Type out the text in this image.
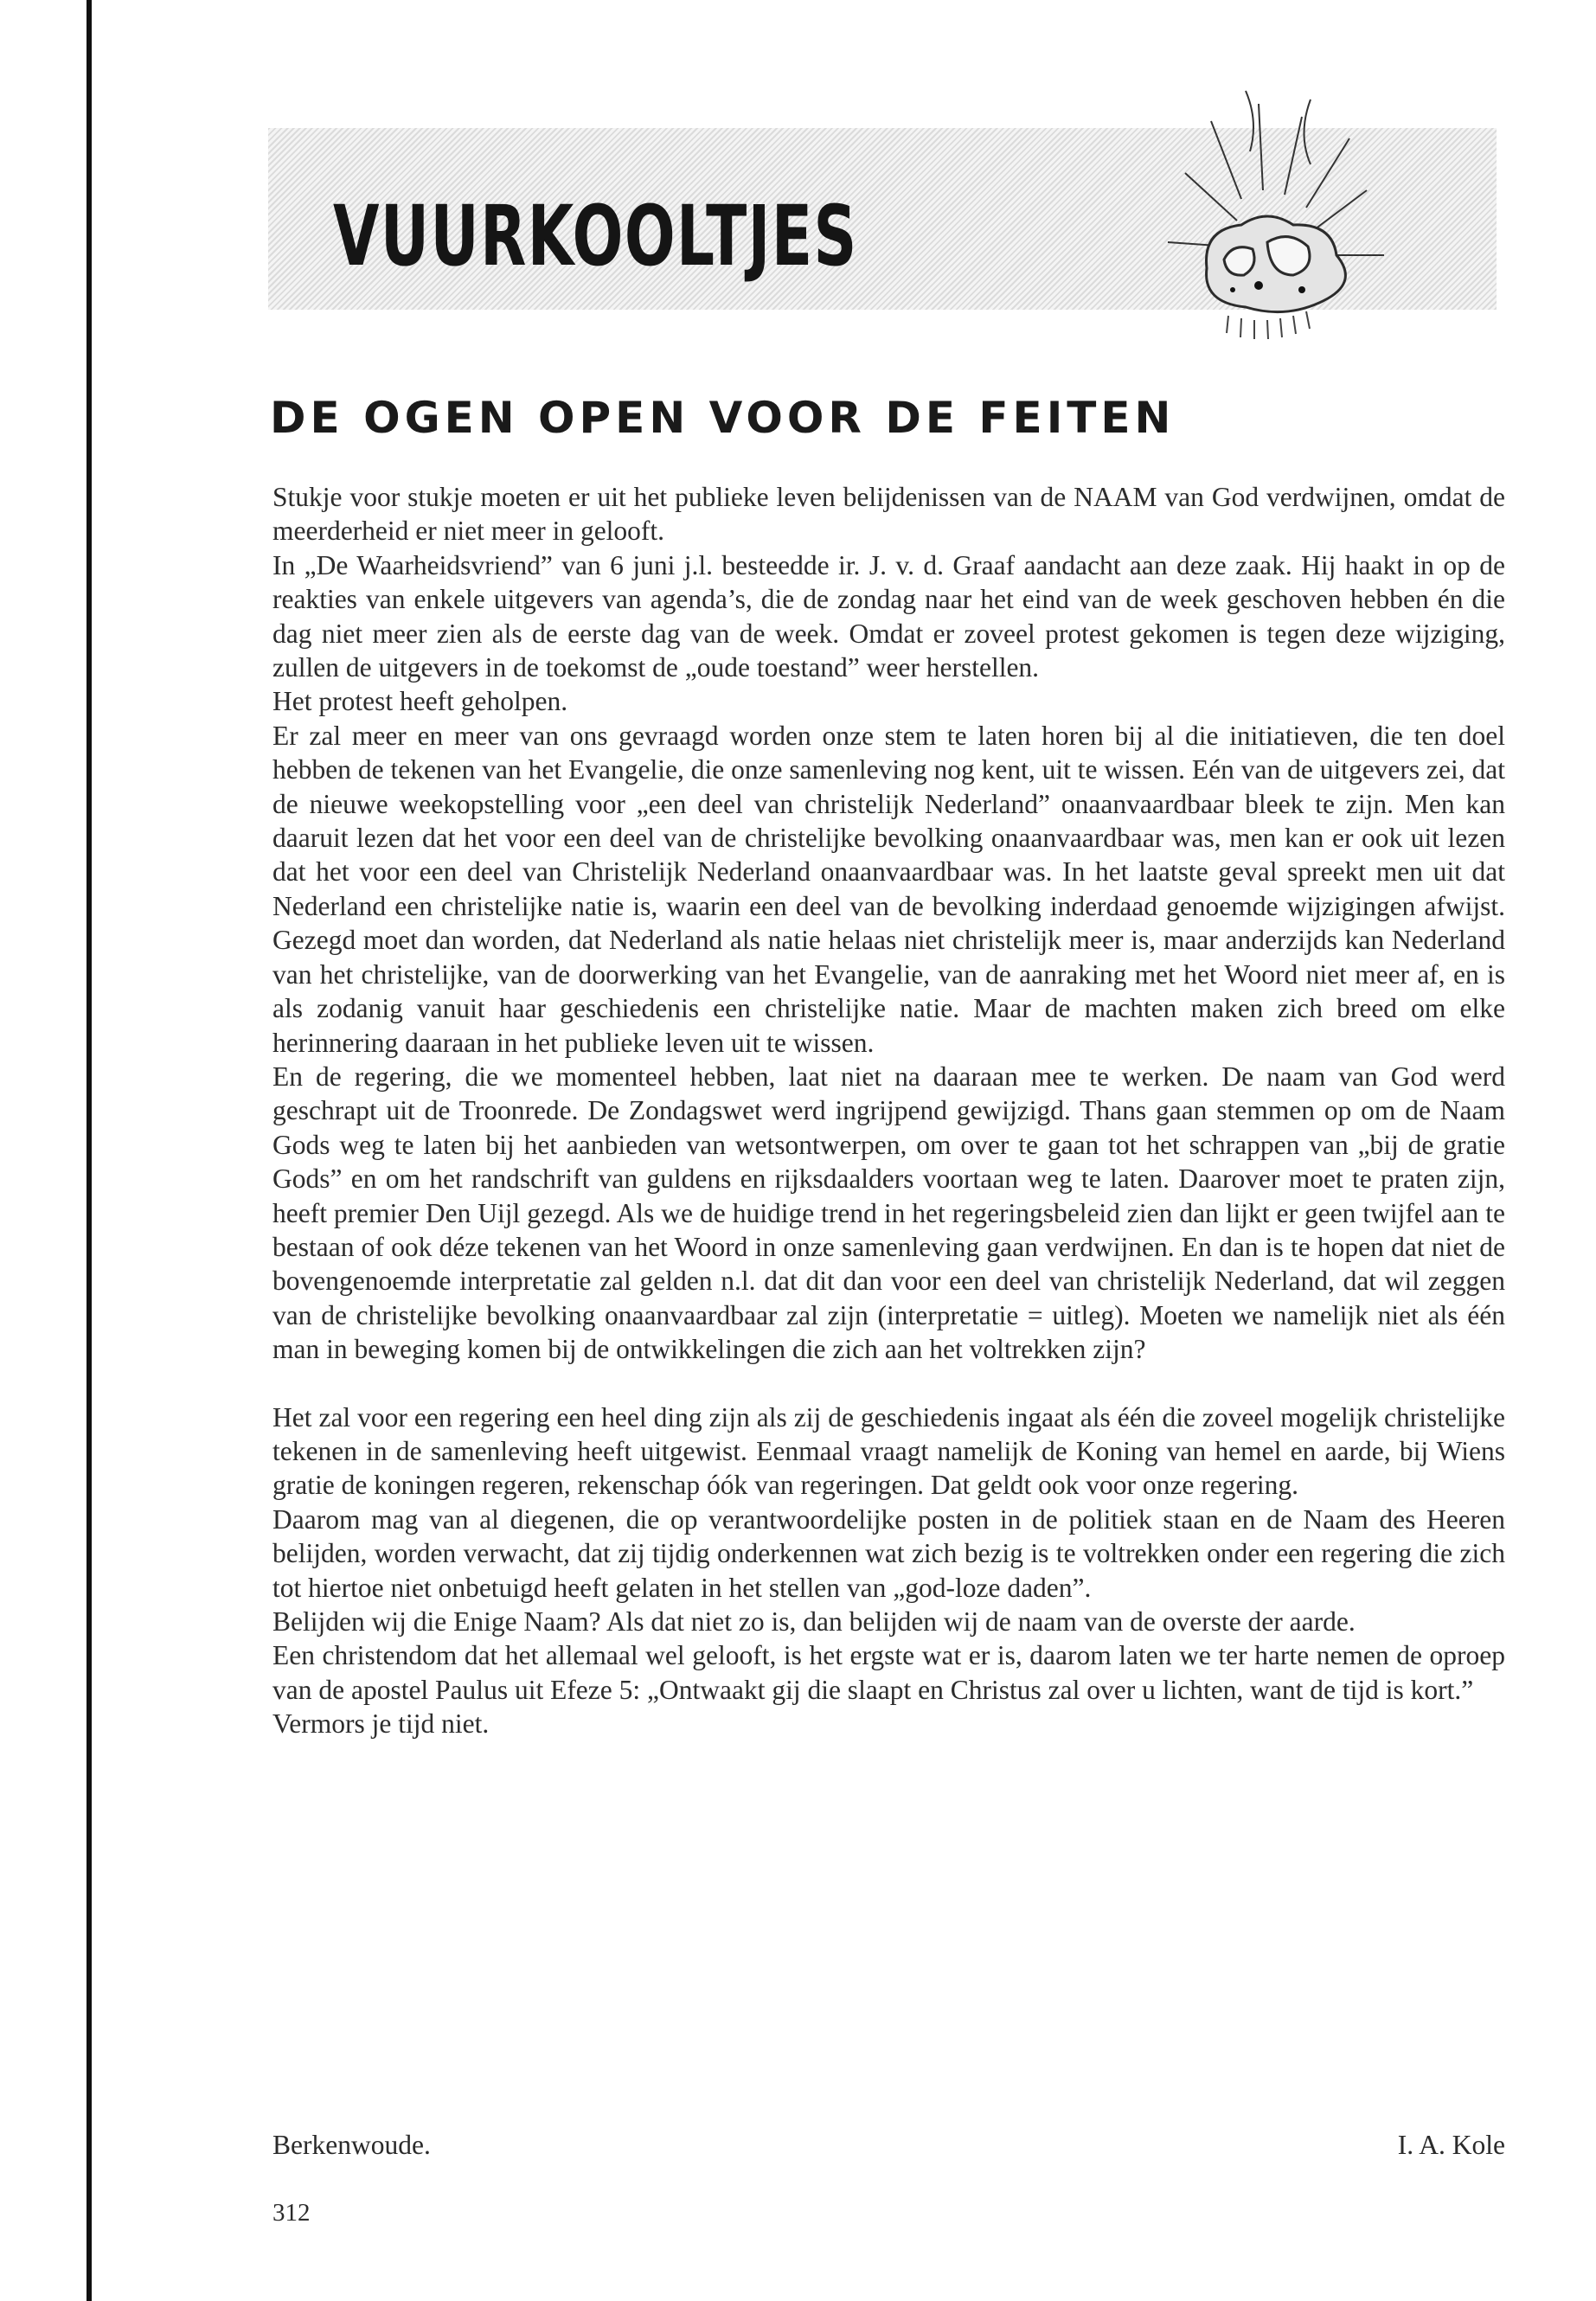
VUURKOOLTJES
DE OGEN OPEN VOOR DE FEITEN

Stukje voor stukje moeten er uit het publieke leven belijdenissen van de NAAM van God verdwijnen, omdat de meerderheid er niet meer in gelooft.

In „De Waarheidsvriend” van 6 juni j.l. besteedde ir. J. v. d. Graaf aandacht aan deze zaak. Hij haakt in op de reakties van enkele uitgevers van agenda’s, die de zondag naar het eind van de week geschoven hebben én die dag niet meer zien als de eerste dag van de week. Omdat er zoveel protest gekomen is tegen deze wijziging, zullen de uitgevers in de toekomst de „oude toestand” weer herstellen.

Het protest heeft geholpen.

Er zal meer en meer van ons gevraagd worden onze stem te laten horen bij al die initiatieven, die ten doel hebben de tekenen van het Evangelie, die onze samenleving nog kent, uit te wissen. Eén van de uitgevers zei, dat de nieuwe weekopstelling voor „een deel van christelijk Nederland” onaanvaardbaar bleek te zijn. Men kan daaruit lezen dat het voor een deel van de christelijke bevolking onaanvaardbaar was, men kan er ook uit lezen dat het voor een deel van Christelijk Nederland onaanvaardbaar was. In het laatste geval spreekt men uit dat Nederland een christelijke natie is, waarin een deel van de bevolking inderdaad genoemde wijzigingen afwijst. Gezegd moet dan worden, dat Nederland als natie helaas niet christelijk meer is, maar anderzijds kan Nederland van het christelijke, van de doorwerking van het Evangelie, van de aanraking met het Woord niet meer af, en is als zodanig vanuit haar geschiedenis een christelijke natie. Maar de machten maken zich breed om elke herinnering daaraan in het publieke leven uit te wissen.

En de regering, die we momenteel hebben, laat niet na daaraan mee te werken. De naam van God werd geschrapt uit de Troonrede. De Zondagswet werd ingrijpend gewijzigd. Thans gaan stemmen op om de Naam Gods weg te laten bij het aanbieden van wetsontwerpen, om over te gaan tot het schrappen van „bij de gratie Gods” en om het randschrift van guldens en rijksdaalders voortaan weg te laten. Daarover moet te praten zijn, heeft premier Den Uijl gezegd. Als we de huidige trend in het regeringsbeleid zien dan lijkt er geen twijfel aan te bestaan of ook déze tekenen van het Woord in onze samenleving gaan verdwijnen. En dan is te hopen dat niet de bovengenoemde interpretatie zal gelden n.l. dat dit dan voor een deel van christelijk Nederland, dat wil zeggen van de christelijke bevolking onaanvaardbaar zal zijn (interpretatie = uitleg). Moeten we namelijk niet als één man in beweging komen bij de ontwikkelingen die zich aan het voltrekken zijn?

Het zal voor een regering een heel ding zijn als zij de geschiedenis ingaat als één die zoveel mogelijk christelijke tekenen in de samenleving heeft uitgewist. Eenmaal vraagt namelijk de Koning van hemel en aarde, bij Wiens gratie de koningen regeren, rekenschap óók van regeringen. Dat geldt ook voor onze regering.

Daarom mag van al diegenen, die op verantwoordelijke posten in de politiek staan en de Naam des Heeren belijden, worden verwacht, dat zij tijdig onderkennen wat zich bezig is te voltrekken onder een regering die zich tot hiertoe niet onbetuigd heeft gelaten in het stellen van „god-loze daden”.

Belijden wij die Enige Naam? Als dat niet zo is, dan belijden wij de naam van de overste der aarde.

Een christendom dat het allemaal wel gelooft, is het ergste wat er is, daarom laten we ter harte nemen de oproep van de apostel Paulus uit Efeze 5: „Ontwaakt gij die slaapt en Christus zal over u lichten, want de tijd is kort.”

Vermors je tijd niet.

Berkenwoude.	I. A. Kole
312
